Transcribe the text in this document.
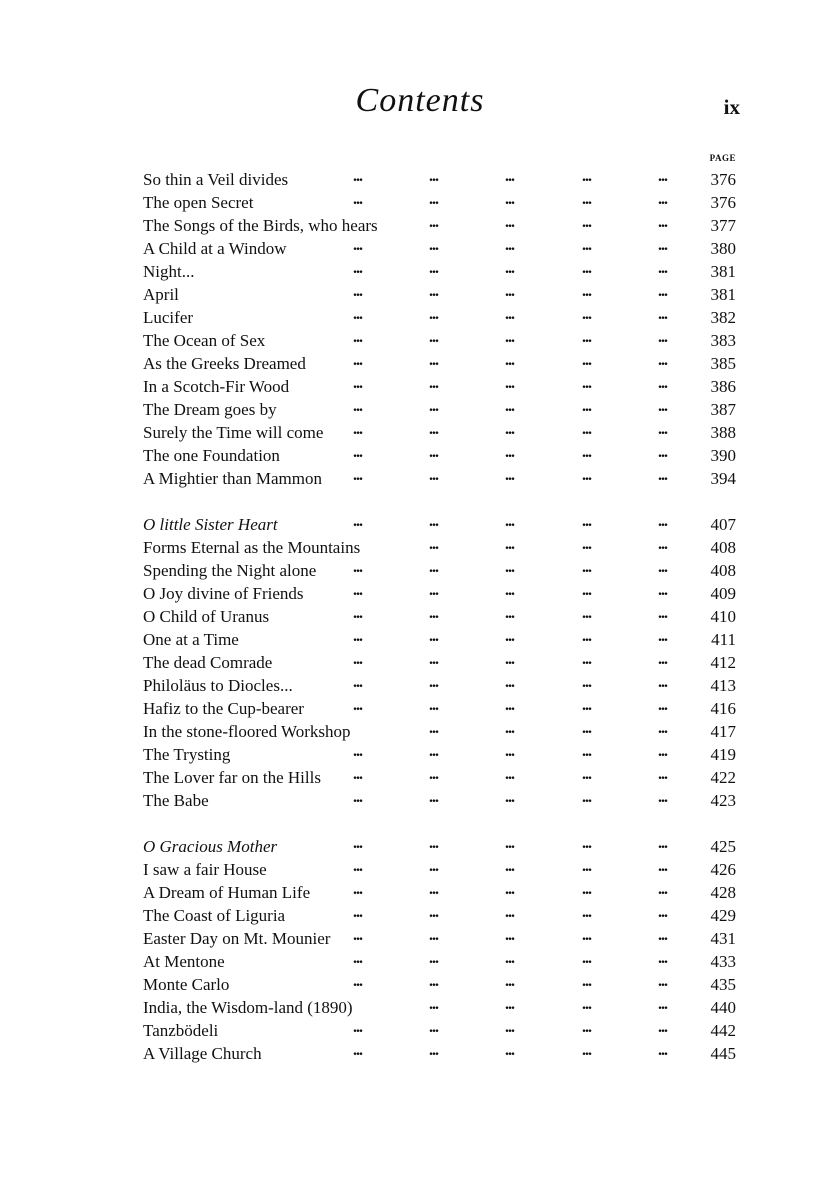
Contents	ix
PAGE
So thin a Veil divides	...	...	...	...	...	376
The open Secret	...	...	...	...	...	376
The Songs of the Birds, who hears	...	...	...	...	377
A Child at a Window	...	...	...	...	...	380
Night...	...	...	...	...	...	381
April	...	...	...	...	...	381
Lucifer	...	...	...	...	...	382
The Ocean of Sex	...	...	...	...	...	383
As the Greeks Dreamed	...	...	...	...	...	385
In a Scotch-Fir Wood	...	...	...	...	...	386
The Dream goes by	...	...	...	...	...	387
Surely the Time will come ...	...	...	...	...	388
The one Foundation	...	...	...	...	...	390
A Mightier than Mammon ...	...	...	...	...	394
O little Sister Heart	...	...	...	...	...	407
Forms Eternal as the Mountains	...	...	...	...	408
Spending the Night alone ...	...	...	...	...	408
O Joy divine of Friends	...	...	...	...	...	409
O Child of Uranus	...	...	...	...	...	410
One at a Time	...	...	...	...	...	411
The dead Comrade	...	...	...	...	...	412
Philoläus to Diocles...	...	...	...	...	...	413
Hafiz to the Cup-bearer	...	...	...	...	...	416
In the stone-floored Workshop	...	...	...	...	417
The Trysting	...	...	...	...	...	419
The Lover far on the Hills ...	...	...	...	...	422
The Babe	...	...	...	...	...	423
O Gracious Mother	...	...	...	...	...	425
I saw a fair House	...	...	...	...	...	426
A Dream of Human Life	...	...	...	...	...	428
The Coast of Liguria	...	...	...	...	...	429
Easter Day on Mt. Mounier ...	...	...	...	...	431
At Mentone	...	...	...	...	...	433
Monte Carlo	...	...	...	...	...	435
India, the Wisdom-land (1890)	...	...	...	...	440
Tanzbödeli	...	...	...	...	...	442
A Village Church	...	...	...	...	...	445
